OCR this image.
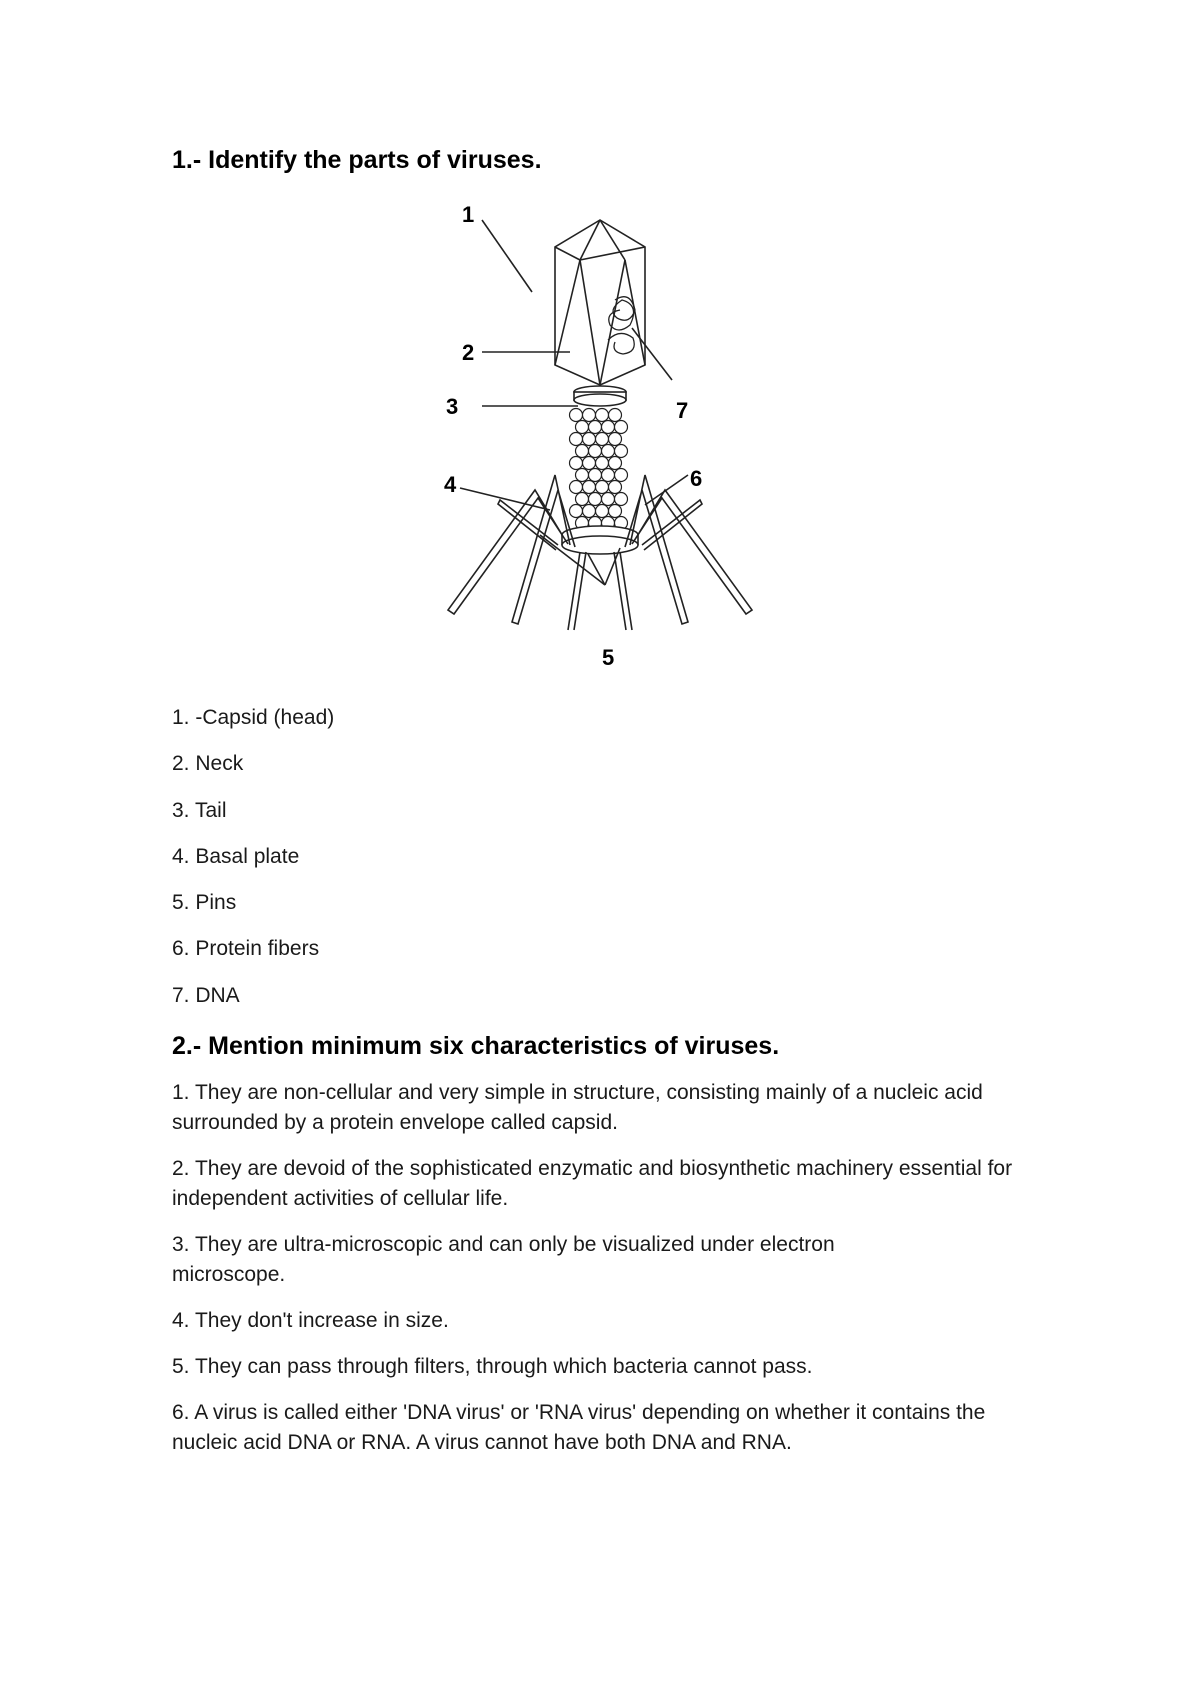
1.- Identify the parts of viruses.
1
2
3
4
5
6
7
1. -Capsid (head)
2. Neck
3. Tail
4. Basal plate
5. Pins
6. Protein fibers
7. DNA
2.- Mention minimum six characteristics of viruses.
1. They are non-cellular and very simple in structure, consisting mainly of a nucleic acid surrounded by a protein envelope called capsid.
2. They are devoid of the sophisticated enzymatic and biosynthetic machinery essential for independent activities of cellular life.
3. They are ultra-microscopic and can only be visualized under electron microscope.
4. They don't increase in size.
5. They can pass through filters, through which bacteria cannot pass.
6. A virus is called either 'DNA virus' or 'RNA virus' depending on whether it contains the nucleic acid DNA or RNA. A virus cannot have both DNA and RNA.
